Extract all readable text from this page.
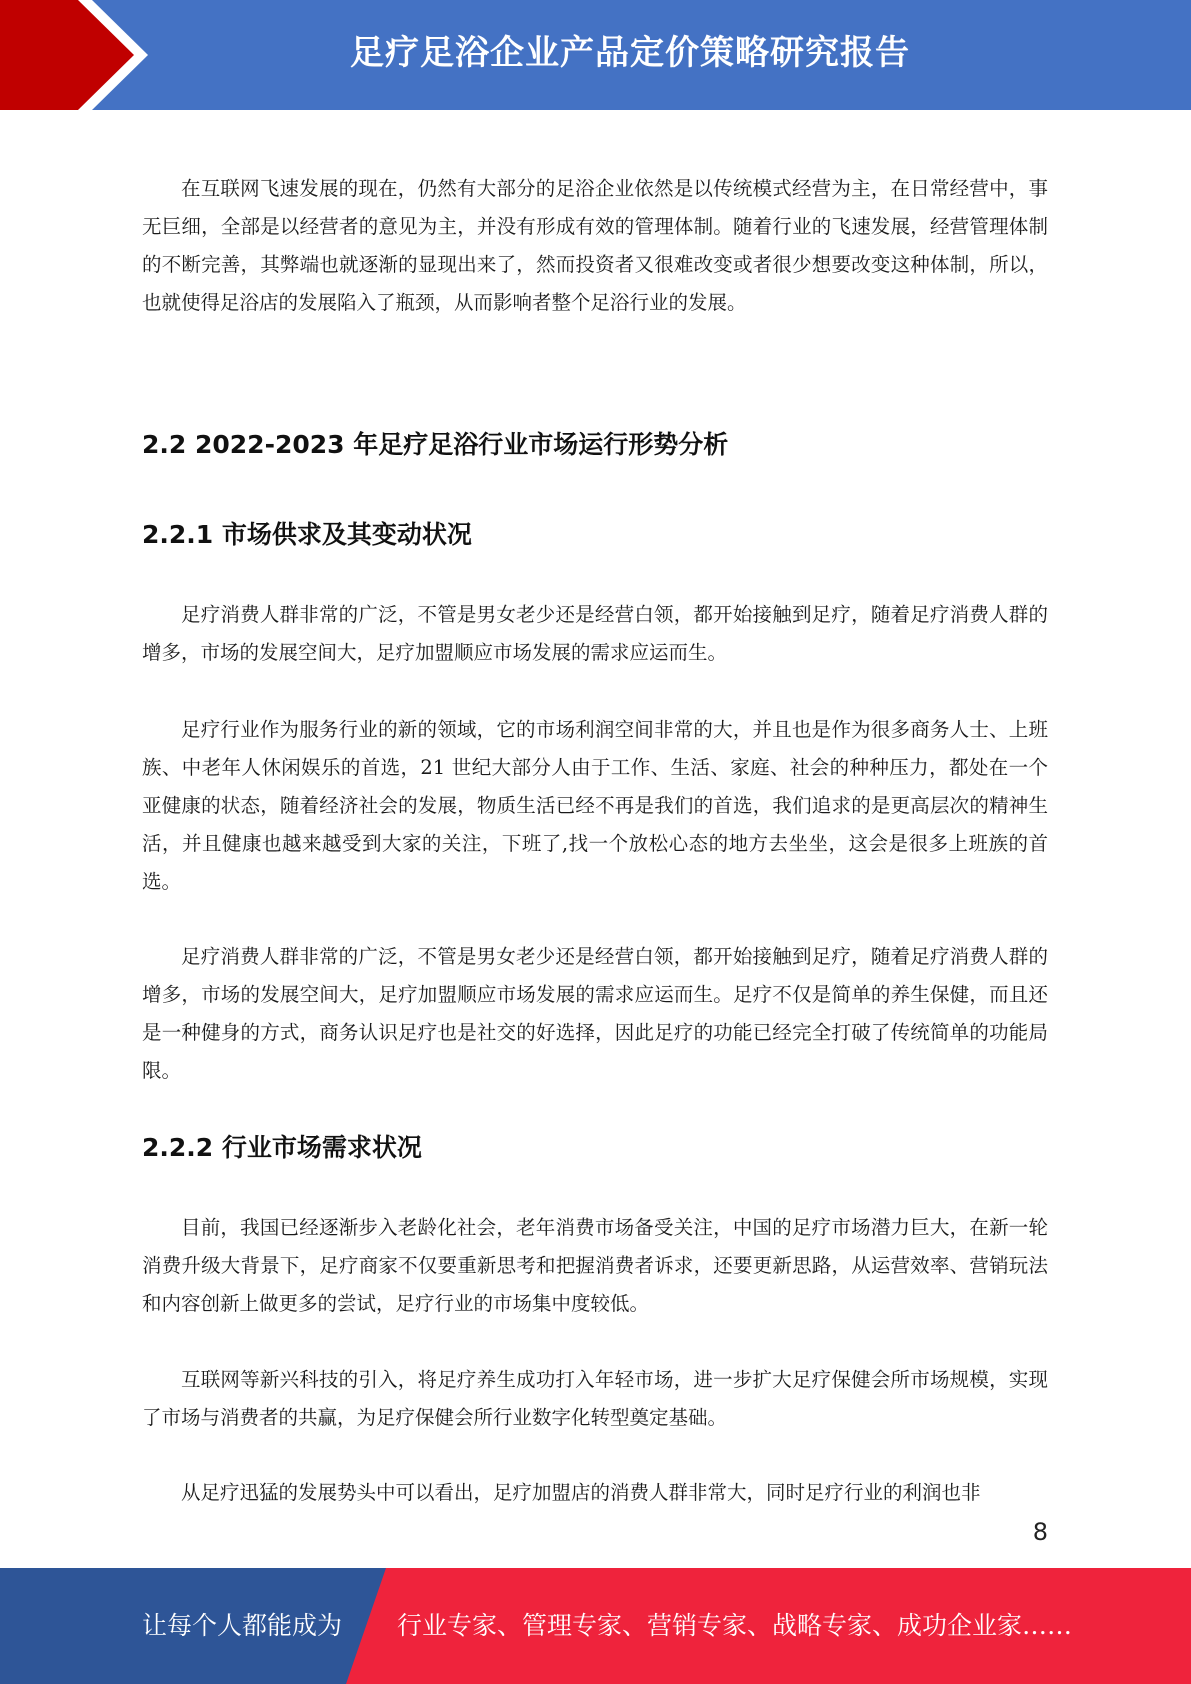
足疗足浴企业产品定价策略研究报告

在互联网飞速发展的现在，仍然有大部分的足浴企业依然是以传统模式经营为主，在日常经营中，事无巨细，全部是以经营者的意见为主，并没有形成有效的管理体制。随着行业的飞速发展，经营管理体制的不断完善，其弊端也就逐渐的显现出来了，然而投资者又很难改变或者很少想要改变这种体制，所以，也就使得足浴店的发展陷入了瓶颈，从而影响者整个足浴行业的发展。

2.2 2022-2023 年足疗足浴行业市场运行形势分析
2.2.1 市场供求及其变动状况

足疗消费人群非常的广泛，不管是男女老少还是经营白领，都开始接触到足疗，随着足疗消费人群的增多，市场的发展空间大，足疗加盟顺应市场发展的需求应运而生。

足疗行业作为服务行业的新的领域，它的市场利润空间非常的大，并且也是作为很多商务人士、上班族、中老年人休闲娱乐的首选，21 世纪大部分人由于工作、生活、家庭、社会的种种压力，都处在一个亚健康的状态，随着经济社会的发展，物质生活已经不再是我们的首选，我们追求的是更高层次的精神生活，并且健康也越来越受到大家的关注，下班了,找一个放松心态的地方去坐坐，这会是很多上班族的首选。

足疗消费人群非常的广泛，不管是男女老少还是经营白领，都开始接触到足疗，随着足疗消费人群的增多，市场的发展空间大，足疗加盟顺应市场发展的需求应运而生。足疗不仅是简单的养生保健，而且还是一种健身的方式，商务认识足疗也是社交的好选择，因此足疗的功能已经完全打破了传统简单的功能局限。

2.2.2 行业市场需求状况

目前，我国已经逐渐步入老龄化社会，老年消费市场备受关注，中国的足疗市场潜力巨大，在新一轮消费升级大背景下，足疗商家不仅要重新思考和把握消费者诉求，还要更新思路，从运营效率、营销玩法和内容创新上做更多的尝试，足疗行业的市场集中度较低。

互联网等新兴科技的引入，将足疗养生成功打入年轻市场，进一步扩大足疗保健会所市场规模，实现了市场与消费者的共赢，为足疗保健会所行业数字化转型奠定基础。

从足疗迅猛的发展势头中可以看出，足疗加盟店的消费人群非常大，同时足疗行业的利润也非

8
让每个人都能成为 行业专家、管理专家、营销专家、战略专家、成功企业家……
